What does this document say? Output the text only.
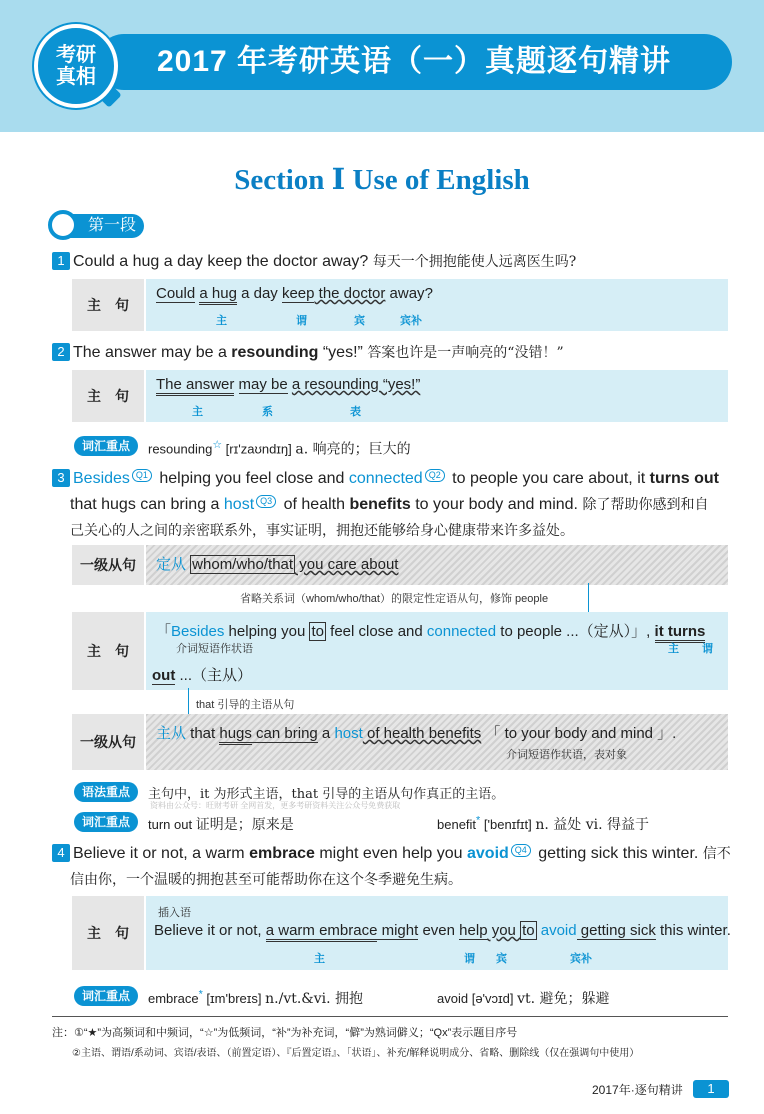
2017 年考研英语（一）真题逐句精讲
考研
真相
Section Ⅰ Use of English
第一段
1 Could a hug a day keep the doctor away? 每天一个拥抱能使人远离医生吗?
主　句
Could a hug a day keep the doctor away?
主	谓	宾	宾补
2 The answer may be a resounding “yes!” 答案也许是一声响亮的“没错！”
主　句
The answer may be a resounding “yes!”
主	系	表
词汇重点	resounding☆ [rɪ'zaʊndɪŋ] a. 响亮的；巨大的
3 Besides Q1 helping you feel close and connected Q2 to people you care about, it turns out
that hugs can bring a host Q3 of health benefits to your body and mind. 除了帮助你感到和自
己关心的人之间的亲密联系外，事实证明，拥抱还能够给身心健康带来许多益处。
一级从句	定从 whom/who/that you care about
省略关系词（whom/who/that）的限定性定语从句，修饰 people
主　句
「Besides helping you to feel close and connected to people ...（定从）」, it turns
介词短语作状语	主 谓
out ...（主从）
that 引导的主语从句
一级从句	主从 that hugs can bring a host of health benefits 「 to your body and mind 」.
介词短语作状语，表对象
语法重点	主句中，it 为形式主语，that 引导的主语从句作真正的主语。
资料由公众号：旺财考研 全网首发，更多考研资料关注公众号免费获取
词汇重点	turn out 证明是；原来是	benefit* ['benɪfɪt] n. 益处 vi. 得益于
4 Believe it or not, a warm embrace might even help you avoid Q4 getting sick this winter. 信不
信由你，一个温暖的拥抱甚至可能帮助你在这个冬季避免生病。
主　句
插入语
Believe it or not, a warm embrace might even help you to avoid getting sick this winter.
主	谓 宾	宾补
词汇重点	embrace* [ɪm'breɪs] n./vt.&vi. 拥抱	avoid [ə'vɔɪd] vt. 避免；躲避
注：①“★”为高频词和中频词，“☆”为低频词，“补”为补充词，“僻”为熟词僻义；“Qx”表示题目序号
②主语、谓语/系动词、宾语/表语、（前置定语）、『后置定语』、「状语」、补充/解释说明成分、省略、删除线（仅在强调句中使用）
2017年·逐句精讲	1
